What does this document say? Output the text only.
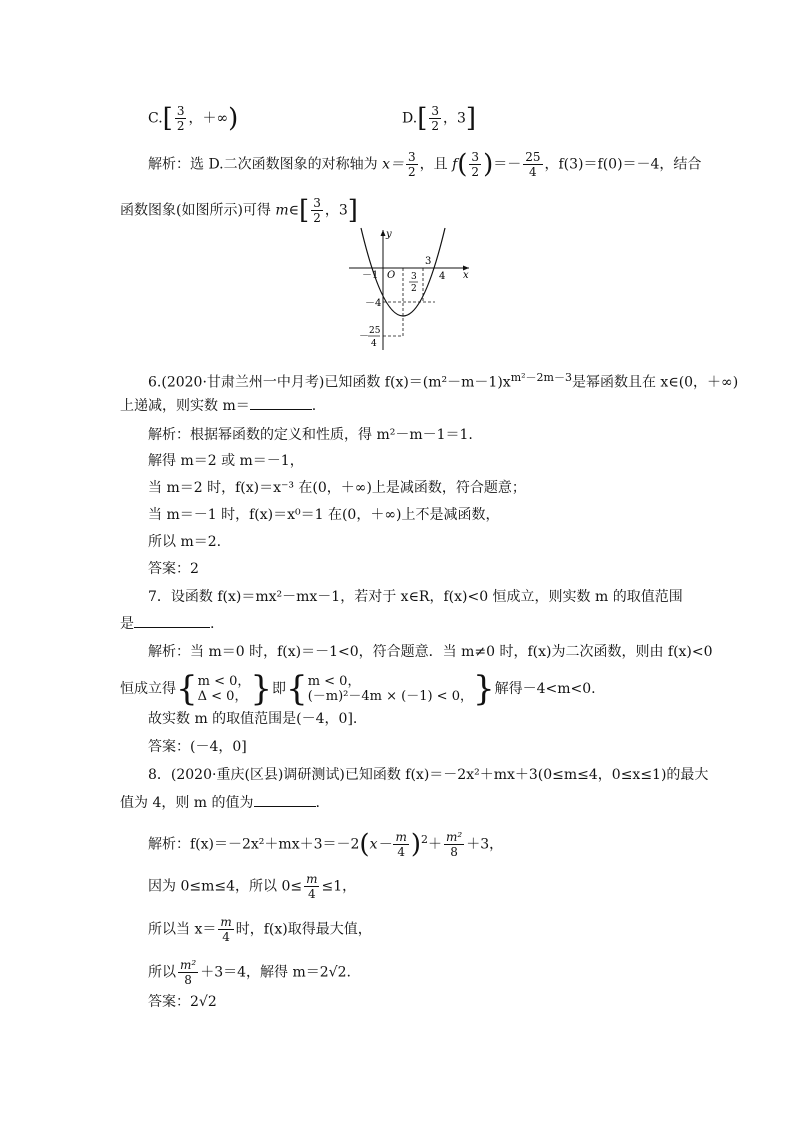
$C.[ \frac{3}{2}$ ，＋∞)	$D.[ \frac{3}{2}$ ，3]
解析：选 D.二次函数图象的对称轴为 $x= \frac{3}{2}$ ，且 $f( \frac{3}{2}$ )＝－ $\frac{25}{4}$ ，f(3)＝f(0)＝－4，结合
函数图象(如图所示)可得 m∈[ $\frac{3}{2}$ ，3]
y
x
O
－1	3
2
4
3
－4
－ 25
4
6.(2020·甘肃兰州一中月考)已知函数 $f(x)=(m^2-m-1)x^{m^2-2m-3}$是幂函数且在 x∈(0，＋∞)
上递减，则实数 m＝	.
解析：根据幂函数的定义和性质，得 m²－m－1＝1.
解得 m＝2 或 m＝－1，
当 m＝2 时，f(x)＝x⁻³ 在(0，＋∞)上是减函数，符合题意；
当 m＝－1 时，f(x)＝x⁰＝1 在(0，＋∞)上不是减函数，
所以 m＝2.
答案：2
7．设函数 f(x)＝mx²－mx－1，若对于 x∈R，f(x)<0 恒成立，则实数 m 的取值范围
是	.
解析：当 m＝0 时，f(x)＝－1<0，符合题意．当 m≠0 时，f(x)为二次函数，则由 f(x)<0
恒成立得{ m < 0，
Δ < 0， }即{ m < 0，
(－m)²－4m × (－1) < 0， }解得－4<m<0.
故实数 m 的取值范围是(－4，0].
答案：(－4，0]
8．(2020·重庆(区县)调研测试)已知函数 f(x)＝－2x²＋mx＋3(0≤m≤4，0≤x≤1)的最大
值为 4，则 m 的值为	.
解析：$f(x)=-2x^2+mx+3=-2(x- \frac{m}{4} )^2+ \frac{\text{m²}}{8} +3$，
因为 0≤m≤4，所以 $0\le \frac{m}{4} \le 1$，
所以当 $x= \frac{m}{4}$ 时，f(x)取得最大值，
所以 $\frac{\text{m²}}{8} +3=4$，解得 m＝2√2.
答案：2√2
